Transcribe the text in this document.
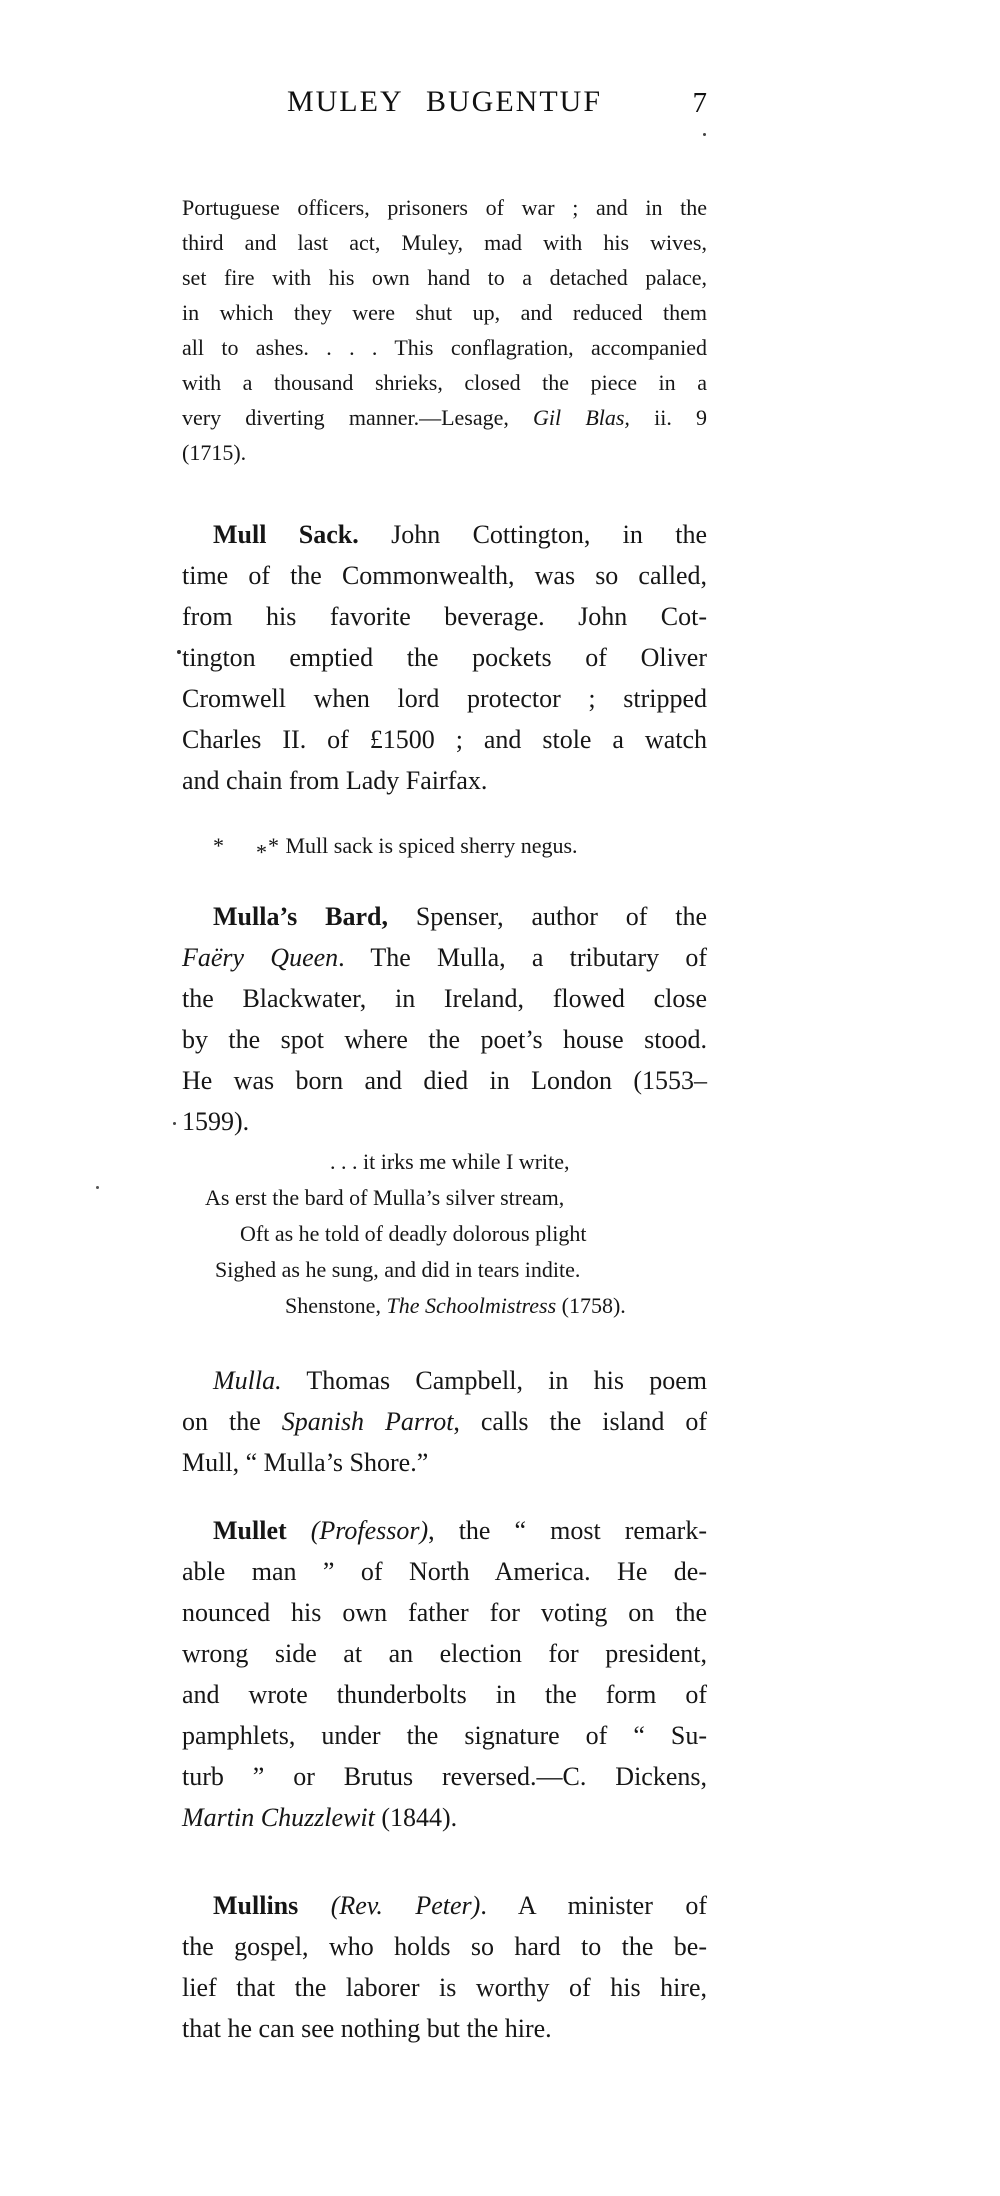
MULEY BUGENTUF	7
Portuguese officers, prisoners of war ; and in the
third and last act, Muley, mad with his wives,
set fire with his own hand to a detached palace,
in which they were shut up, and reduced them
all to ashes. . . . This conflagration, accompanied
with a thousand shrieks, closed the piece in a
very diverting manner.—Lesage, Gil Blas, ii. 9
(1715).
Mull Sack. John Cottington, in the
time of the Commonwealth, was so called,
from his favorite beverage. John Cot-
tington emptied the pockets of Oliver
Cromwell when lord protector ; stripped
Charles II. of £1500 ; and stole a watch
and chain from Lady Fairfax.
* ** Mull sack is spiced sherry negus.
Mulla’s Bard, Spenser, author of the
Faëry Queen. The Mulla, a tributary of
the Blackwater, in Ireland, flowed close
by the spot where the poet’s house stood.
He was born and died in London (1553–
1599).
. . . it irks me while I write,
As erst the bard of Mulla’s silver stream,
Oft as he told of deadly dolorous plight
Sighed as he sung, and did in tears indite.
Shenstone, The Schoolmistress (1758).
Mulla. Thomas Campbell, in his poem
on the Spanish Parrot, calls the island of
Mull, “ Mulla’s Shore.”
Mullet (Professor), the “ most remark-
able man ” of North America. He de-
nounced his own father for voting on the
wrong side at an election for president,
and wrote thunderbolts in the form of
pamphlets, under the signature of “ Su-
turb ” or Brutus reversed.—C. Dickens,
Martin Chuzzlewit (1844).
Mullins (Rev. Peter). A minister of
the gospel, who holds so hard to the be-
lief that the laborer is worthy of his hire,
that he can see nothing but the hire.
